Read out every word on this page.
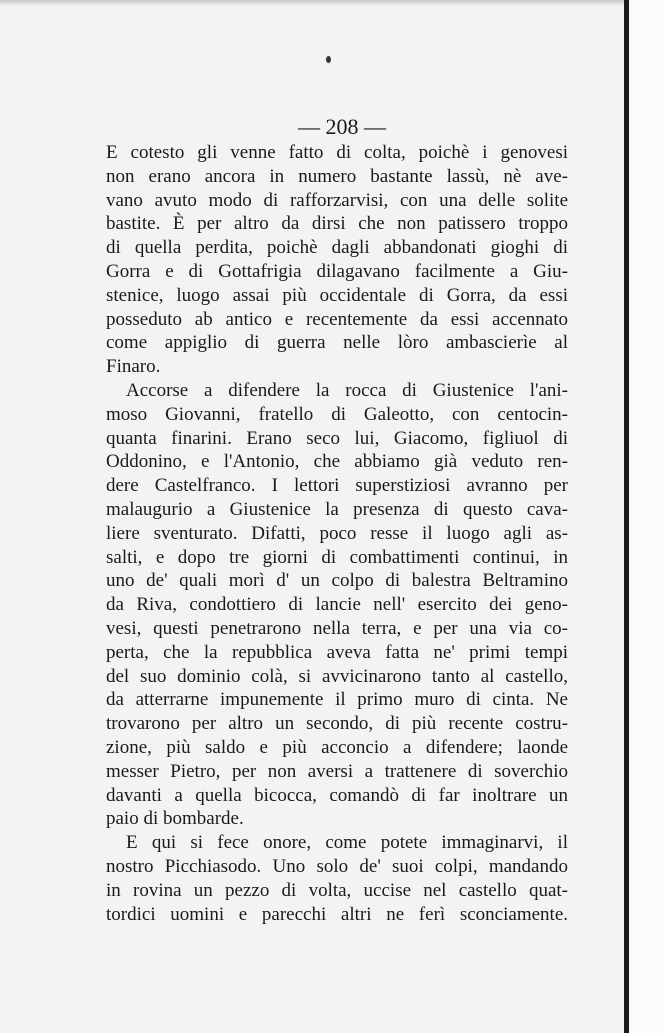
— 208 —
E cotesto gli venne fatto di colta, poichè i genovesi
non erano ancora in numero bastante lassù, nè ave-
vano avuto modo di rafforzarvisi, con una delle solite
bastite. È per altro da dirsi che non patissero troppo
di quella perdita, poichè dagli abbandonati gioghi di
Gorra e di Gottafrigia dilagavano facilmente a Giu-
stenice, luogo assai più occidentale di Gorra, da essi
posseduto ab antico e recentemente da essi accennato
come appiglio di guerra nelle lòro ambascierìe al
Finaro.
Accorse a difendere la rocca di Giustenice l'ani-
moso Giovanni, fratello di Galeotto, con centocin-
quanta finarini. Erano seco lui, Giacomo, figliuol di
Oddonino, e l'Antonio, che abbiamo già veduto ren-
dere Castelfranco. I lettori superstiziosi avranno per
malaugurio a Giustenice la presenza di questo cava-
liere sventurato. Difatti, poco resse il luogo agli as-
salti, e dopo tre giorni di combattimenti continui, in
uno de' quali morì d' un colpo di balestra Beltramino
da Riva, condottiero di lancie nell' esercito dei geno-
vesi, questi penetrarono nella terra, e per una via co-
perta, che la repubblica aveva fatta ne' primi tempi
del suo dominio colà, si avvicinarono tanto al castello,
da atterrarne impunemente il primo muro di cinta. Ne
trovarono per altro un secondo, di più recente costru-
zione, più saldo e più acconcio a difendere; laonde
messer Pietro, per non aversi a trattenere di soverchio
davanti a quella bicocca, comandò di far inoltrare un
paio di bombarde.
E qui si fece onore, come potete immaginarvi, il
nostro Picchiasodo. Uno solo de' suoi colpi, mandando
in rovina un pezzo di volta, uccise nel castello quat-
tordici uomini e parecchi altri ne ferì sconciamente.
